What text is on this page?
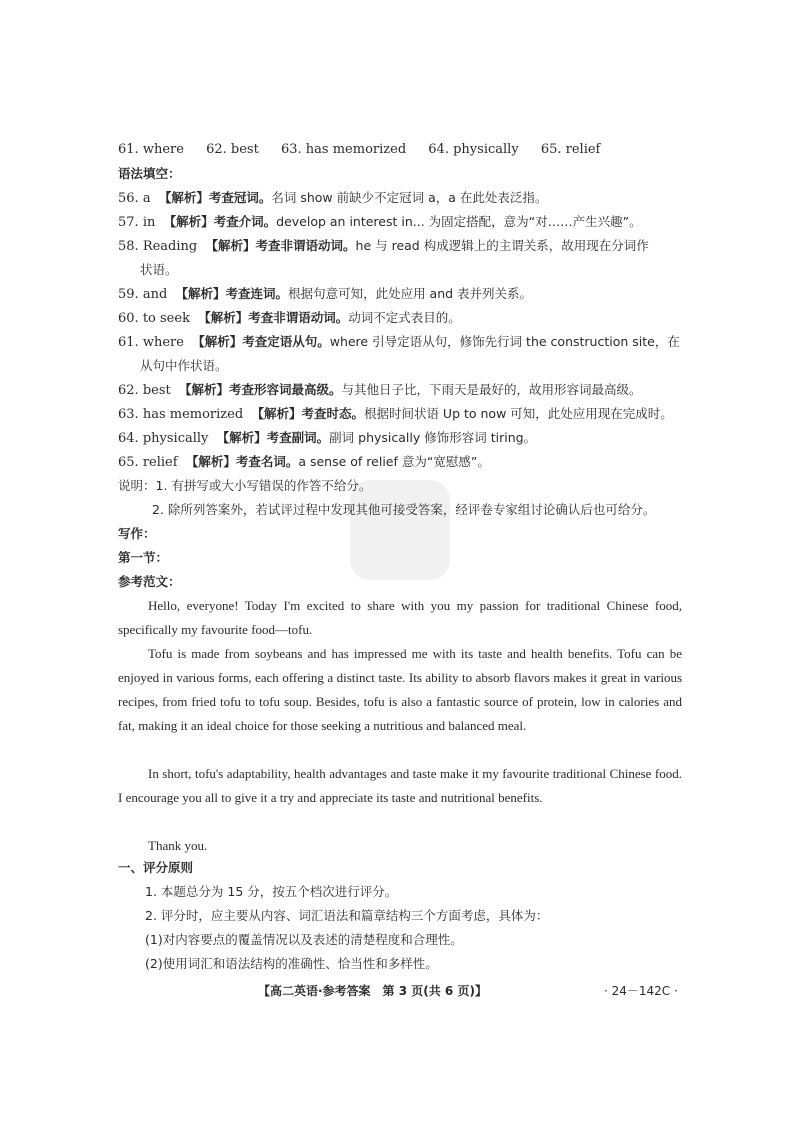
61. where 62. best 63. has memorized 64. physically 65. relief
语法填空：
56. a 【解析】考查冠词。名词 show 前缺少不定冠词 a，a 在此处表泛指。
57. in 【解析】考查介词。develop an interest in... 为固定搭配，意为“对……产生兴趣”。
58. Reading 【解析】考查非谓语动词。he 与 read 构成逻辑上的主谓关系，故用现在分词作
状语。
59. and 【解析】考查连词。根据句意可知，此处应用 and 表并列关系。
60. to seek 【解析】考查非谓语动词。动词不定式表目的。
61. where 【解析】考查定语从句。where 引导定语从句，修饰先行词 the construction site，在
从句中作状语。
62. best 【解析】考查形容词最高级。与其他日子比，下雨天是最好的，故用形容词最高级。
63. has memorized 【解析】考查时态。根据时间状语 Up to now 可知，此处应用现在完成时。
64. physically 【解析】考查副词。副词 physically 修饰形容词 tiring。
65. relief 【解析】考查名词。a sense of relief 意为“宽慰感”。
说明：1. 有拼写或大小写错误的作答不给分。
2. 除所列答案外，若试评过程中发现其他可接受答案，经评卷专家组讨论确认后也可给分。
写作：
第一节：
参考范文：
Hello, everyone! Today I'm excited to share with you my passion for traditional Chinese food, specifically my favourite food—tofu.
Tofu is made from soybeans and has impressed me with its taste and health benefits. Tofu can be enjoyed in various forms, each offering a distinct taste. Its ability to absorb flavors makes it great in various recipes, from fried tofu to tofu soup. Besides, tofu is also a fantastic source of protein, low in calories and fat, making it an ideal choice for those seeking a nutritious and balanced meal.
In short, tofu's adaptability, health advantages and taste make it my favourite traditional Chinese food. I encourage you all to give it a try and appreciate its taste and nutritional benefits.
Thank you.
一、评分原则
1. 本题总分为 15 分，按五个档次进行评分。
2. 评分时，应主要从内容、词汇语法和篇章结构三个方面考虑，具体为：
(1)对内容要点的覆盖情况以及表述的清楚程度和合理性。
(2)使用词汇和语法结构的准确性、恰当性和多样性。
【高二英语·参考答案　第 3 页(共 6 页)】	· 24－142C ·
